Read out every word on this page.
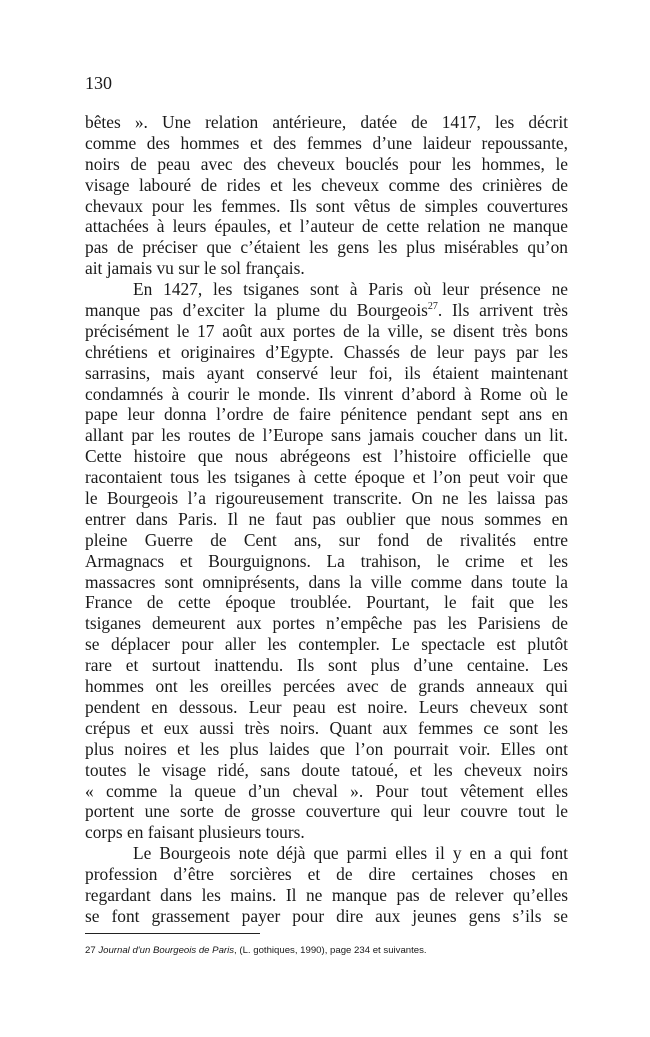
130
bêtes ». Une relation antérieure, datée de 1417, les décrit
comme des hommes et des femmes d’une laideur repoussante,
noirs de peau avec des cheveux bouclés pour les hommes, le
visage labouré de rides et les cheveux comme des crinières de
chevaux pour les femmes. Ils sont vêtus de simples couvertures
attachées à leurs épaules, et l’auteur de cette relation ne manque
pas de préciser que c’étaient les gens les plus misérables qu’on
ait jamais vu sur le sol français.
En 1427, les tsiganes sont à Paris où leur présence ne
manque pas d’exciter la plume du Bourgeois$^{27}$. Ils arrivent très
précisément le 17 août aux portes de la ville, se disent très bons
chrétiens et originaires d’Egypte. Chassés de leur pays par les
sarrasins, mais ayant conservé leur foi, ils étaient maintenant
condamnés à courir le monde. Ils vinrent d’abord à Rome où le
pape leur donna l’ordre de faire pénitence pendant sept ans en
allant par les routes de l’Europe sans jamais coucher dans un lit.
Cette histoire que nous abrégeons est l’histoire officielle que
racontaient tous les tsiganes à cette époque et l’on peut voir que
le Bourgeois l’a rigoureusement transcrite. On ne les laissa pas
entrer dans Paris. Il ne faut pas oublier que nous sommes en
pleine Guerre de Cent ans, sur fond de rivalités entre
Armagnacs et Bourguignons. La trahison, le crime et les
massacres sont omniprésents, dans la ville comme dans toute la
France de cette époque troublée. Pourtant, le fait que les
tsiganes demeurent aux portes n’empêche pas les Parisiens de
se déplacer pour aller les contempler. Le spectacle est plutôt
rare et surtout inattendu. Ils sont plus d’une centaine. Les
hommes ont les oreilles percées avec de grands anneaux qui
pendent en dessous. Leur peau est noire. Leurs cheveux sont
crépus et eux aussi très noirs. Quant aux femmes ce sont les
plus noires et les plus laides que l’on pourrait voir. Elles ont
toutes le visage ridé, sans doute tatoué, et les cheveux noirs
« comme la queue d’un cheval ». Pour tout vêtement elles
portent une sorte de grosse couverture qui leur couvre tout le
corps en faisant plusieurs tours.
Le Bourgeois note déjà que parmi elles il y en a qui font
profession d’être sorcières et de dire certaines choses en
regardant dans les mains. Il ne manque pas de relever qu’elles
se font grassement payer pour dire aux jeunes gens s’ils se
27 Journal d'un Bourgeois de Paris, (L. gothiques, 1990), page 234 et suivantes.
